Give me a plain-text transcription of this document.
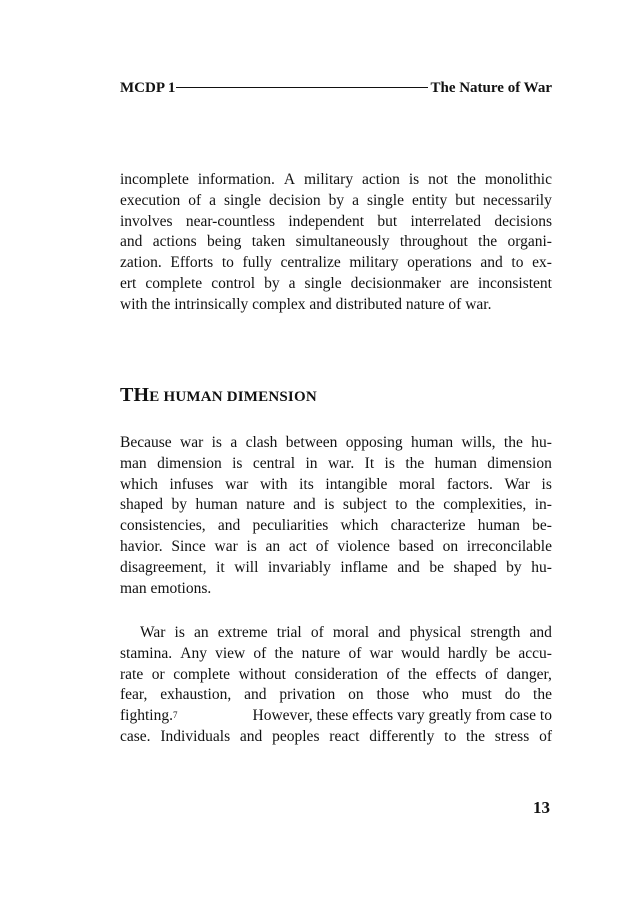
MCDP 1	The Nature of War
incomplete information. A military action is not the monolithic
execution of a single decision by a single entity but necessarily
involves near-countless independent but interrelated decisions
and actions being taken simultaneously throughout the organi-
zation. Efforts to fully centralize military operations and to ex-
ert complete control by a single decisionmaker are inconsistent
with the intrinsically complex and distributed nature of war.
THE HUMAN DIMENSION
Because war is a clash between opposing human wills, the hu-
man dimension is central in war. It is the human dimension
which infuses war with its intangible moral factors. War is
shaped by human nature and is subject to the complexities, in-
consistencies, and peculiarities which characterize human be-
havior. Since war is an act of violence based on irreconcilable
disagreement, it will invariably inflame and be shaped by hu-
man emotions.
War is an extreme trial of moral and physical strength and
stamina. Any view of the nature of war would hardly be accu-
rate or complete without consideration of the effects of danger,
fear, exhaustion, and privation on those who must do the
fighting.$^7$	However, these effects vary greatly from case to
case. Individuals and peoples react differently to the stress of
13
